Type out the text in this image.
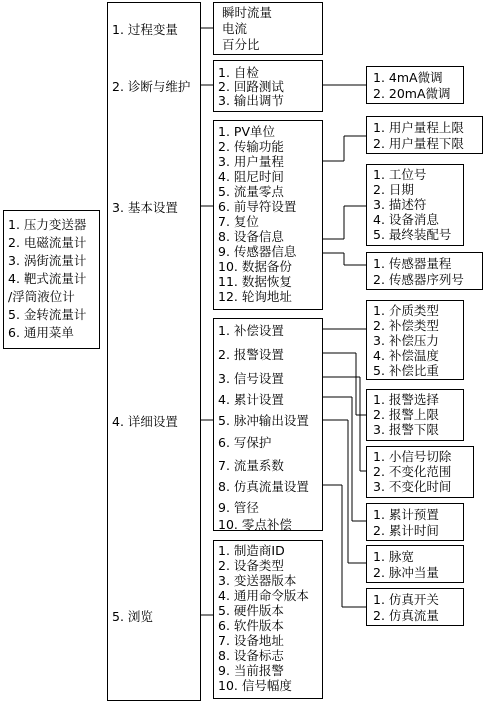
1. 压力变送器
2. 电磁流量计
3. 涡街流量计
4. 靶式流量计
/浮筒液位计
5. 金转流量计
6. 通用菜单
1. 过程变量
2. 诊断与维护
3. 基本设置
4. 详细设置
5. 浏览
瞬时流量
电流
百分比
1. 自检
2. 回路测试
3. 输出调节
1. 4mA微调
2. 20mA微调
1. PV单位
2. 传输功能
3. 用户量程
4. 阻尼时间
5. 流量零点
6. 前导符设置
7. 复位
8. 设备信息
9. 传感器信息
10. 数据备份
11. 数据恢复
12. 轮询地址
1. 用户量程上限
2. 用户量程下限
1. 工位号
2. 日期
3. 描述符
4. 设备消息
5. 最终装配号
1. 传感器量程
2. 传感器序列号
1. 补偿设置
2. 报警设置
3. 信号设置
4. 累计设置
5. 脉冲输出设置
6. 写保护
7. 流量系数
8. 仿真流量设置
9. 管径
10. 零点补偿
1. 介质类型
2. 补偿类型
3. 补偿压力
4. 补偿温度
5. 补偿比重
1. 报警选择
2. 报警上限
3. 报警下限
1. 小信号切除
2. 不变化范围
3. 不变化时间
1. 累计预置
2. 累计时间
1. 脉宽
2. 脉冲当量
1. 仿真开关
2. 仿真流量
1. 制造商ID
2. 设备类型
3. 变送器版本
4. 通用命令版本
5. 硬件版本
6. 软件版本
7. 设备地址
8. 设备标志
9. 当前报警
10. 信号幅度
